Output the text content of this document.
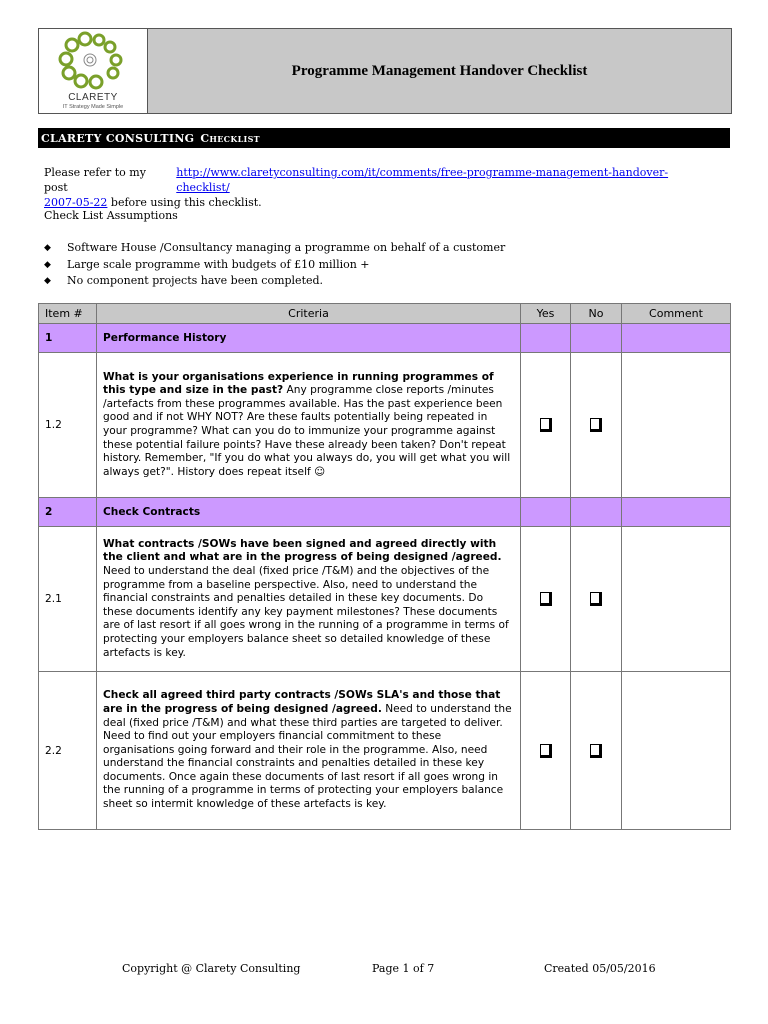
CLARETY
IT Strategy Made Simple
Programme Management Handover Checklist
CLARETY CONSULTING Checklist
Please refer to my post
http://www.claretyconsulting.com/it/comments/free-programme-management-handover-checklist/
2007-05-22 before using this checklist.
Check List Assumptions
◆	Software House /Consultancy managing a programme on behalf of a customer
◆	Large scale programme with budgets of £10 million +
◆	No component projects have been completed.
Item #	Criteria	Yes	No	Comment
1	Performance History			
1.2	What is your organisations experience in running programmes of this type and size in the past? Any programme close reports /minutes /artefacts from these programmes available. Has the past experience been good and if not WHY NOT? Are these faults potentially being repeated in your programme? What can you do to immunize your programme against these potential failure points? Have these already been taken? Don't repeat history. Remember, "If you do what you always do, you will get what you will always get?". History does repeat itself ☺	

2	Check Contracts			
2.1	What contracts /SOWs have been signed and agreed directly with the client and what are in the progress of being designed /agreed. Need to understand the deal (fixed price /T&M) and the objectives of the programme from a baseline perspective. Also, need to understand the financial constraints and penalties detailed in these key documents. Do these documents identify any key payment milestones? These documents are of last resort if all goes wrong in the running of a programme in terms of protecting your employers balance sheet so detailed knowledge of these artefacts is key.	

2.2	Check all agreed third party contracts /SOWs SLA's and those that are in the progress of being designed /agreed. Need to understand the deal (fixed price /T&M) and what these third parties are targeted to deliver. Need to find out your employers financial commitment to these organisations going forward and their role in the programme. Also, need understand the financial constraints and penalties detailed in these key documents. Once again these documents of last resort if all goes wrong in the running of a programme in terms of protecting your employers balance sheet so intermit knowledge of these artefacts is key.	

Copyright @ Clarety Consulting	Page 1 of 7	Created 05/05/2016
